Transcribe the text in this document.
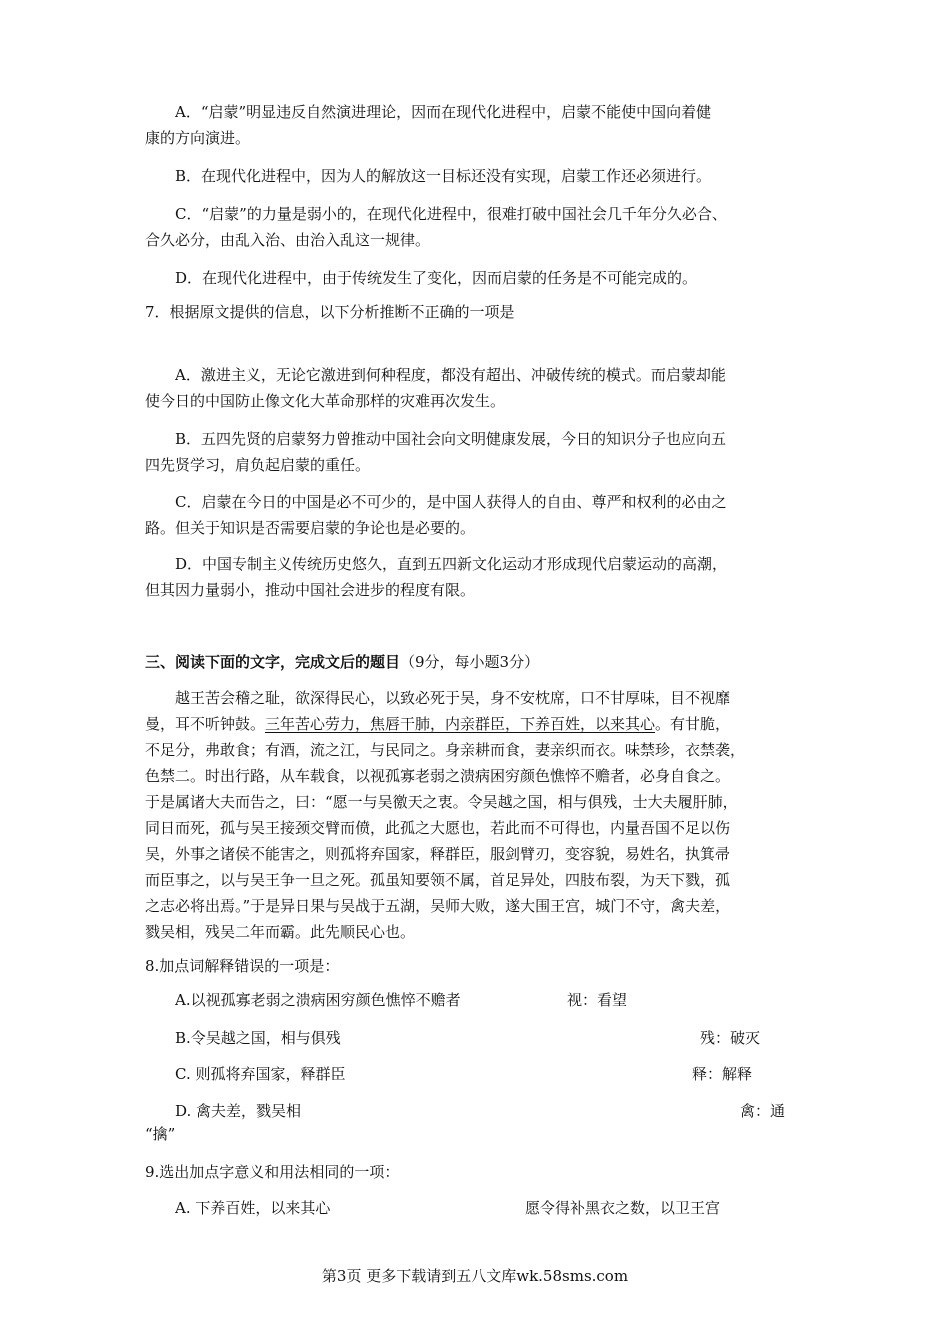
A．“启蒙”明显违反自然演进理论，因而在现代化进程中，启蒙不能使中国向着健
康的方向演进。
B．在现代化进程中，因为人的解放这一目标还没有实现，启蒙工作还必须进行。
C．“启蒙”的力量是弱小的，在现代化进程中，很难打破中国社会几千年分久必合、
合久必分，由乱入治、由治入乱这一规律。
D．在现代化进程中，由于传统发生了变化，因而启蒙的任务是不可能完成的。
7．根据原文提供的信息，以下分析推断不正确的一项是
A．激进主义，无论它激进到何种程度，都没有超出、冲破传统的模式。而启蒙却能
使今日的中国防止像文化大革命那样的灾难再次发生。
B．五四先贤的启蒙努力曾推动中国社会向文明健康发展，今日的知识分子也应向五
四先贤学习，肩负起启蒙的重任。
C．启蒙在今日的中国是必不可少的，是中国人获得人的自由、尊严和权利的必由之
路。但关于知识是否需要启蒙的争论也是必要的。
D．中国专制主义传统历史悠久，直到五四新文化运动才形成现代启蒙运动的高潮，
但其因力量弱小，推动中国社会进步的程度有限。
三、阅读下面的文字，完成文后的题目（9分，每小题3分）
越王苦会稽之耻，欲深得民心，以致必死于吴，身不安枕席，口不甘厚味，目不视靡
曼，耳不听钟鼓。三年苦心劳力，焦唇干肺，内亲群臣，下养百姓，以来其心。有甘脆，
不足分，弗敢食；有酒，流之江，与民同之。身亲耕而食，妻亲织而衣。味禁珍，衣禁袭，
色禁二。时出行路，从车载食，以视孤寡老弱之溃病困穷颜色憔悴不赡者，必身自食之。
于是属诸大夫而告之，曰：“愿一与吴徼天之衷。令吴越之国，相与俱残，士大夫履肝肺，
同日而死，孤与吴王接颈交臂而偾，此孤之大愿也，若此而不可得也，内量吾国不足以伤
吴，外事之诸侯不能害之，则孤将弃国家，释群臣，服剑臂刃，变容貌，易姓名，执箕帚
而臣事之，以与吴王争一旦之死。孤虽知要领不属，首足异处，四肢布裂，为天下戮，孤
之志必将出焉。”于是异日果与吴战于五湖，吴师大败，遂大围王宫，城门不守，禽夫差，
戮吴相，残吴二年而霸。此先顺民心也。
8.加点词解释错误的一项是：
A.以视孤寡老弱之溃病困穷颜色憔悴不赡者	视：看望
B.令吴越之国，相与俱残	残：破灭
C. 则孤将弃国家，释群臣	释：解释
D. 禽夫差，戮吴相	禽：通
“擒”
9.选出加点字意义和用法相同的一项：
A. 下养百姓，以来其心	愿令得补黑衣之数，以卫王宫
第3页 更多下载请到五八文库wk.58sms.com
